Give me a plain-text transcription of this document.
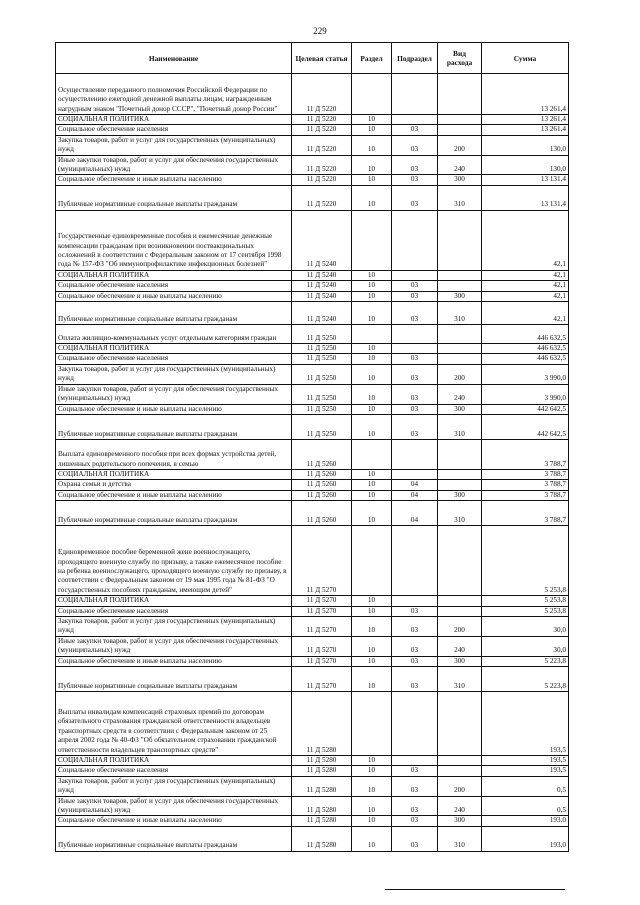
229
Наименование	Целевая статья	Раздел	Подраздел	Вид расхода	Сумма
Осуществление переданного полномочия Российской Федерации по осуществлению ежегодной денежной выплаты лицам, награжденным нагрудным знаком "Почетный донор СССР", "Почетный донор России"	11 Д 5220				13 261,4
СОЦИАЛЬНАЯ ПОЛИТИКА	11 Д 5220	10			13 261,4
Социальное обеспечение населения	11 Д 5220	10	03		13 261,4
Закупка товаров, работ и услуг для государственных (муниципальных) нужд	11 Д 5220	10	03	200	130,0
Иные закупки товаров, работ и услуг для обеспечения государственных (муниципальных) нужд	11 Д 5220	10	03	240	130,0
Социальное обеспечение и иные выплаты населению	11 Д 5220	10	03	300	13 131,4
Публичные нормативные социальные выплаты гражданам	11 Д 5220	10	03	310	13 131,4
Государственные единовременные пособия и ежемесячные денежные компенсации гражданам при возникновении поствакцинальных осложнений в соответствии с Федеральным законом от 17 сентября 1998 года № 157-ФЗ "Об иммунопрофилактике инфекционных болезней"	11 Д 5240				42,1
СОЦИАЛЬНАЯ ПОЛИТИКА	11 Д 5240	10			42,1
Социальное обеспечение населения	11 Д 5240	10	03		42,1
Социальное обеспечение и иные выплаты населению	11 Д 5240	10	03	300	42,1
Публичные нормативные социальные выплаты гражданам	11 Д 5240	10	03	310	42,1
Оплата жилищно-коммунальных услуг отдельным категориям граждан	11 Д 5250				446 632,5
СОЦИАЛЬНАЯ ПОЛИТИКА	11 Д 5250	10			446 632,5
Социальное обеспечение населения	11 Д 5250	10	03		446 632,5
Закупка товаров, работ и услуг для государственных (муниципальных) нужд	11 Д 5250	10	03	200	3 990,0
Иные закупки товаров, работ и услуг для обеспечения государственных (муниципальных) нужд	11 Д 5250	10	03	240	3 990,0
Социальное обеспечение и иные выплаты населению	11 Д 5250	10	03	300	442 642,5
Публичные нормативные социальные выплаты гражданам	11 Д 5250	10	03	310	442 642,5
Выплата единовременного пособия при всех формах устройства детей, лишенных родительского попечения, в семью	11 Д 5260				3 788,7
СОЦИАЛЬНАЯ ПОЛИТИКА	11 Д 5260	10			3 788,7
Охрана семьи и детства	11 Д 5260	10	04		3 788,7
Социальное обеспечение и иные выплаты населению	11 Д 5260	10	04	300	3 788,7
Публичные нормативные социальные выплаты гражданам	11 Д 5260	10	04	310	3 788,7
Единовременное пособие беременной жене военнослужащего, проходящего военную службу по призыву, а также ежемесячное пособие на ребенка военнослужащего, проходящего военную службу по призыву, в соответствии с Федеральным законом от 19 мая 1995 года № 81-ФЗ "О государственных пособиях гражданам, имеющим детей"	11 Д 5270				5 253,8
СОЦИАЛЬНАЯ ПОЛИТИКА	11 Д 5270	10			5 253,8
Социальное обеспечение населения	11 Д 5270	10	03		5 253,8
Закупка товаров, работ и услуг для государственных (муниципальных) нужд	11 Д 5270	10	03	200	30,0
Иные закупки товаров, работ и услуг для обеспечения государственных (муниципальных) нужд	11 Д 5270	10	03	240	30,0
Социальное обеспечение и иные выплаты населению	11 Д 5270	10	03	300	5 223,8
Публичные нормативные социальные выплаты гражданам	11 Д 5270	10	03	310	5 223,8
Выплаты инвалидам компенсаций страховых премий по договорам обязательного страхования гражданской ответственности владельцев транспортных средств в соответствии с Федеральным законом от 25 апреля 2002 года № 40-ФЗ "Об обязательном страховании гражданской ответственности владельцев транспортных средств"	11 Д 5280				193,5
СОЦИАЛЬНАЯ ПОЛИТИКА	11 Д 5280	10			193,5
Социальное обеспечение населения	11 Д 5280	10	03		193,5
Закупка товаров, работ и услуг для государственных (муниципальных) нужд	11 Д 5280	10	03	200	0,5
Иные закупки товаров, работ и услуг для обеспечения государственных (муниципальных) нужд	11 Д 5280	10	03	240	0,5
Социальное обеспечение и иные выплаты населению	11 Д 5280	10	03	300	193,0
Публичные нормативные социальные выплаты гражданам	11 Д 5280	10	03	310	193,0
